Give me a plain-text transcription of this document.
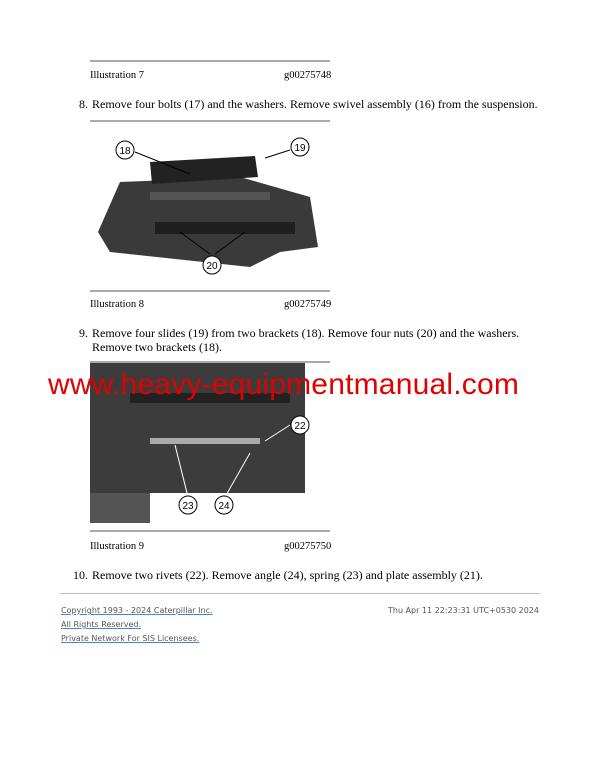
Illustration 7	g00275748
8. Remove four bolts (17) and the washers. Remove swivel assembly (16) from the suspension.
18	19
20
Illustration 8	g00275749
9. Remove four slides (19) from two brackets (18). Remove four nuts (20) and the washers.
Remove two brackets (18).
22
23 24
Illustration 9	g00275750
10. Remove two rivets (22). Remove angle (24), spring (23) and plate assembly (21).
www.heavy-equipmentmanual.com
Copyright 1993 - 2024 Caterpillar Inc.
All Rights Reserved.
Private Network For SIS Licensees.
Thu Apr 11 22:23:31 UTC+0530 2024
